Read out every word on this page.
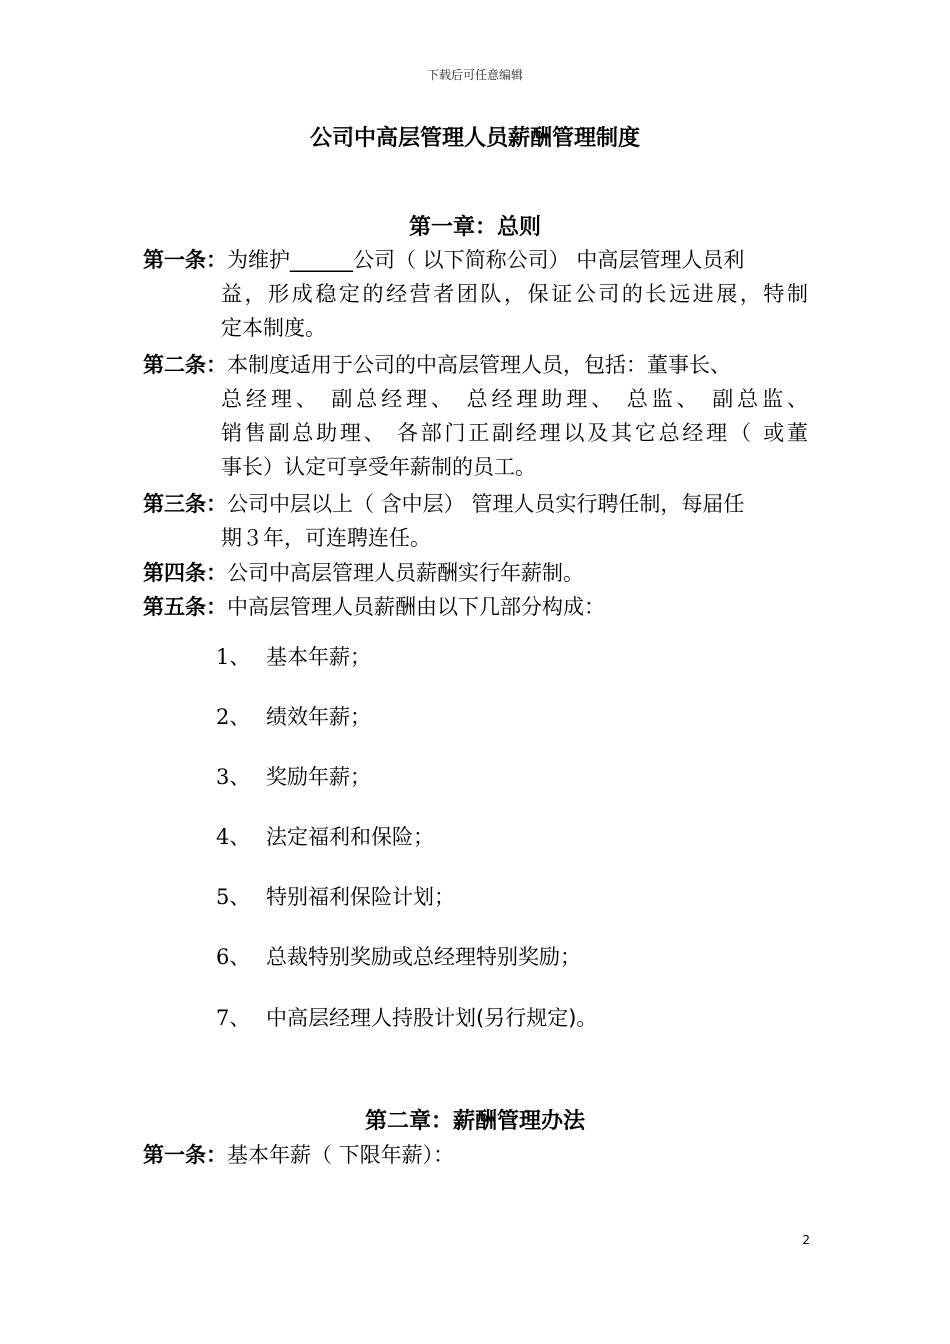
下载后可任意编辑
公司中高层管理人员薪酬管理制度
第一章：总则
第一条：为维护______公司（ 以下简称公司） 中高层管理人员利
益，形成稳定的经营者团队，保证公司的长远进展，特制
定本制度。
第二条：本制度适用于公司的中高层管理人员，包括：董事长、
总经理、 副总经理、 总经理助理、 总监、 副总监、
销售副总助理、 各部门正副经理以及其它总经理（ 或董
事长）认定可享受年薪制的员工。
第三条：公司中层以上（ 含中层） 管理人员实行聘任制，每届任
期３年，可连聘连任。
第四条：公司中高层管理人员薪酬实行年薪制。
第五条：中高层管理人员薪酬由以下几部分构成：
1、 基本年薪；
2、 绩效年薪；
3、 奖励年薪；
4、 法定福利和保险；
5、 特别福利保险计划；
6、 总裁特别奖励或总经理特别奖励；
7、 中高层经理人持股计划(另行规定)。
第二章：薪酬管理办法
第一条：基本年薪（ 下限年薪）：
2
